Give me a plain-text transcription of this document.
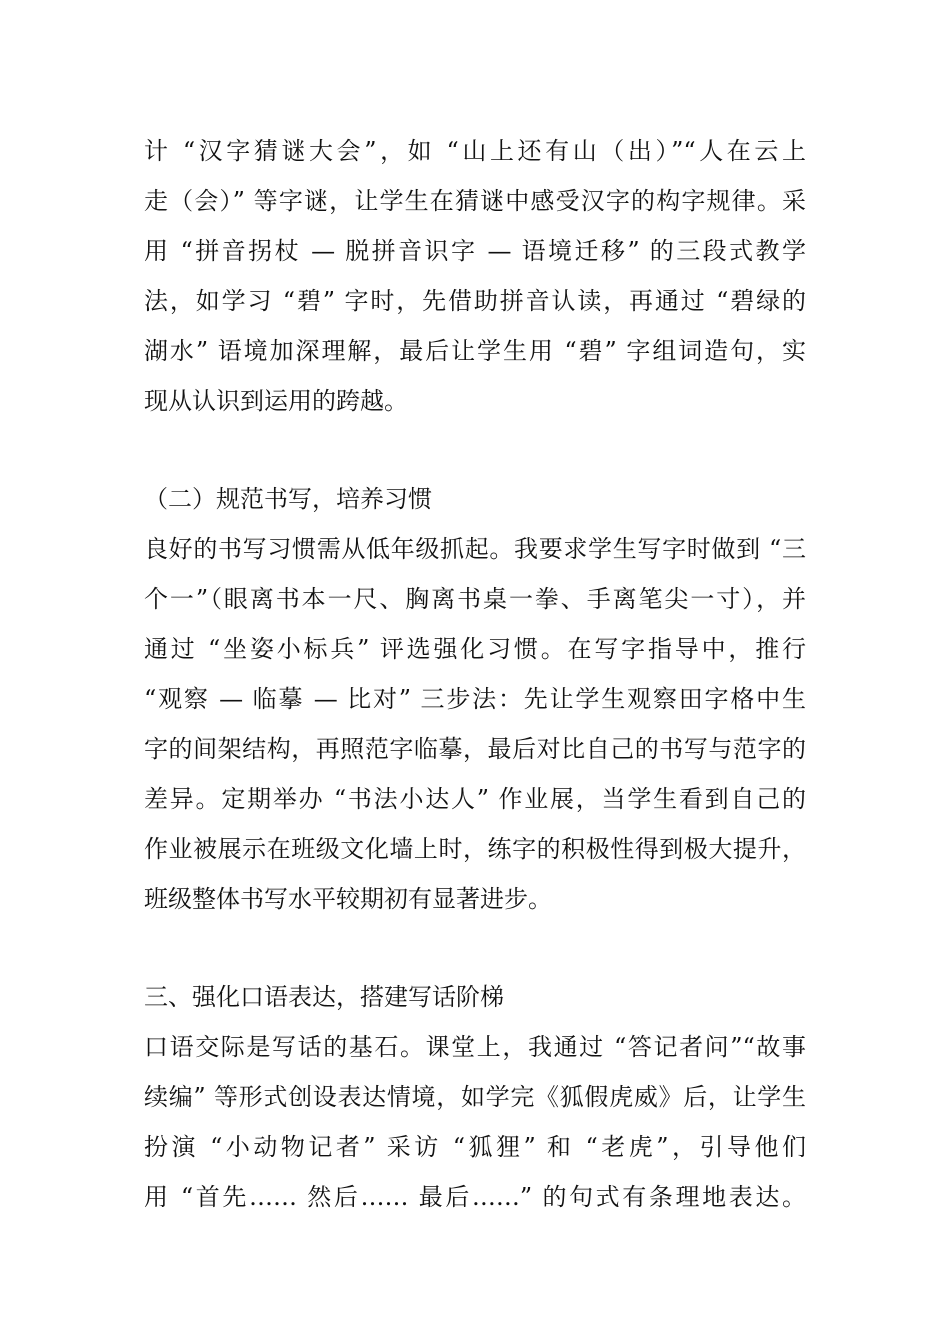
计 “汉字猜谜大会”，如 “山上还有山（出）”“人在云上
走（会）” 等字谜，让学生在猜谜中感受汉字的构字规律。采
用 “拼音拐杖 — 脱拼音识字 — 语境迁移” 的三段式教学
法，如学习 “碧” 字时，先借助拼音认读，再通过 “碧绿的
湖水” 语境加深理解，最后让学生用 “碧” 字组词造句，实
现从认识到运用的跨越。
（二）规范书写，培养习惯
良好的书写习惯需从低年级抓起。我要求学生写字时做到 “三
个一”（眼离书本一尺、胸离书桌一拳、手离笔尖一寸），并
通过 “坐姿小标兵” 评选强化习惯。在写字指导中，推行
“观察 — 临摹 — 比对” 三步法：先让学生观察田字格中生
字的间架结构，再照范字临摹，最后对比自己的书写与范字的
差异。定期举办 “书法小达人” 作业展，当学生看到自己的
作业被展示在班级文化墙上时，练字的积极性得到极大提升，
班级整体书写水平较期初有显著进步。
三、强化口语表达，搭建写话阶梯
口语交际是写话的基石。课堂上，我通过 “答记者问”“故事
续编” 等形式创设表达情境，如学完《狐假虎威》后，让学生
扮演 “小动物记者” 采访 “狐狸” 和 “老虎”，引导他们
用 “首先…… 然后…… 最后……” 的句式有条理地表达。
